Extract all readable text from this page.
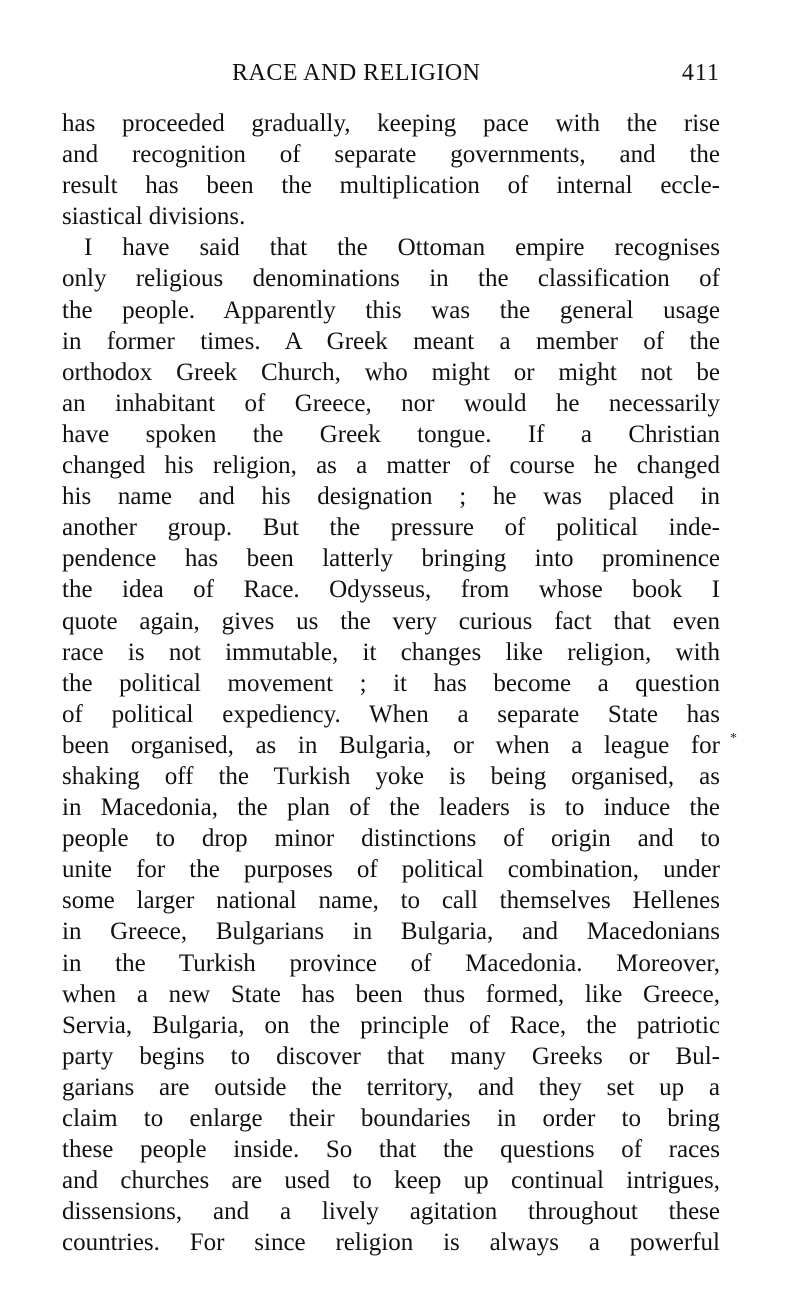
RACE AND RELIGION	411

has proceeded gradually, keeping pace with the rise
and recognition of separate governments, and the
result has been the multiplication of internal eccle-
siastical divisions.

I have said that the Ottoman empire recognises
only religious denominations in the classification of
the people. Apparently this was the general usage
in former times. A Greek meant a member of the
orthodox Greek Church, who might or might not be
an inhabitant of Greece, nor would he necessarily
have spoken the Greek tongue. If a Christian
changed his religion, as a matter of course he changed
his name and his designation ; he was placed in
another group. But the pressure of political inde-
pendence has been latterly bringing into prominence
the idea of Race. Odysseus, from whose book I
quote again, gives us the very curious fact that even
race is not immutable, it changes like religion, with
the political movement ; it has become a question
of political expediency. When a separate State has
been organised, as in Bulgaria, or when a league for
shaking off the Turkish yoke is being organised, as
in Macedonia, the plan of the leaders is to induce the
people to drop minor distinctions of origin and to
unite for the purposes of political combination, under
some larger national name, to call themselves Hellenes
in Greece, Bulgarians in Bulgaria, and Macedonians
in the Turkish province of Macedonia. Moreover,
when a new State has been thus formed, like Greece,
Servia, Bulgaria, on the principle of Race, the patriotic
party begins to discover that many Greeks or Bul-
garians are outside the territory, and they set up a
claim to enlarge their boundaries in order to bring
these people inside. So that the questions of races
and churches are used to keep up continual intrigues,
dissensions, and a lively agitation throughout these
countries. For since religion is always a powerful

*
